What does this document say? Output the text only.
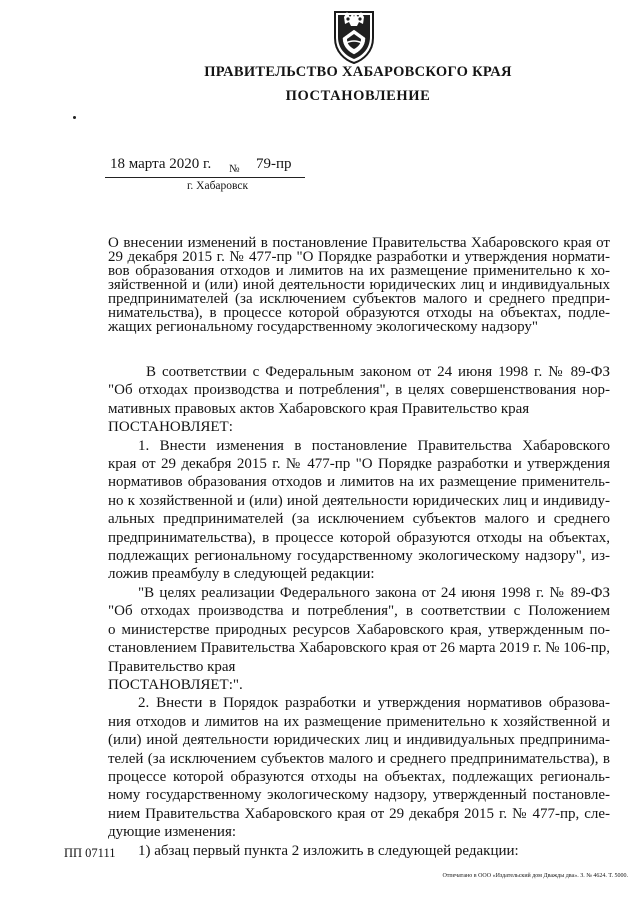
ПРАВИТЕЛЬСТВО ХАБАРОВСКОГО КРАЯ
ПОСТАНОВЛЕНИЕ
18 марта 2020 г. № 79-пр
г. Хабаровск
О внесении изменений в постановление Правительства Хабаровского края от
29 декабря 2015 г. № 477-пр "О Порядке разработки и утверждения нормати-
вов образования отходов и лимитов на их размещение применительно к хо-
зяйственной и (или) иной деятельности юридических лиц и индивидуальных
предпринимателей (за исключением субъектов малого и среднего предпри-
нимательства), в процессе которой образуются отходы на объектах, подле-
жащих региональному государственному экологическому надзору"
В соответствии с Федеральным законом от 24 июня 1998 г. № 89-ФЗ
"Об отходах производства и потребления", в целях совершенствования нор-
мативных правовых актов Хабаровского края Правительство края
ПОСТАНОВЛЯЕТ:
1. Внести изменения в постановление Правительства Хабаровского
края от 29 декабря 2015 г. № 477-пр "О Порядке разработки и утверждения
нормативов образования отходов и лимитов на их размещение применитель-
но к хозяйственной и (или) иной деятельности юридических лиц и индивиду-
альных предпринимателей (за исключением субъектов малого и среднего
предпринимательства), в процессе которой образуются отходы на объектах,
подлежащих региональному государственному экологическому надзору", из-
ложив преамбулу в следующей редакции:
"В целях реализации Федерального закона от 24 июня 1998 г. № 89-ФЗ
"Об отходах производства и потребления", в соответствии с Положением
о министерстве природных ресурсов Хабаровского края, утвержденным по-
становлением Правительства Хабаровского края от 26 марта 2019 г. № 106-пр,
Правительство края
ПОСТАНОВЛЯЕТ:".
2. Внести в Порядок разработки и утверждения нормативов образова-
ния отходов и лимитов на их размещение применительно к хозяйственной и
(или) иной деятельности юридических лиц и индивидуальных предпринима-
телей (за исключением субъектов малого и среднего предпринимательства), в
процессе которой образуются отходы на объектах, подлежащих региональ-
ному государственному экологическому надзору, утвержденный постановле-
нием Правительства Хабаровского края от 29 декабря 2015 г. № 477-пр, сле-
дующие изменения:
1) абзац первый пункта 2 изложить в следующей редакции:
ПП 07111
Отпечатано в ООО «Издательский дом Дважды два». З. № 4624. Т. 5000.
